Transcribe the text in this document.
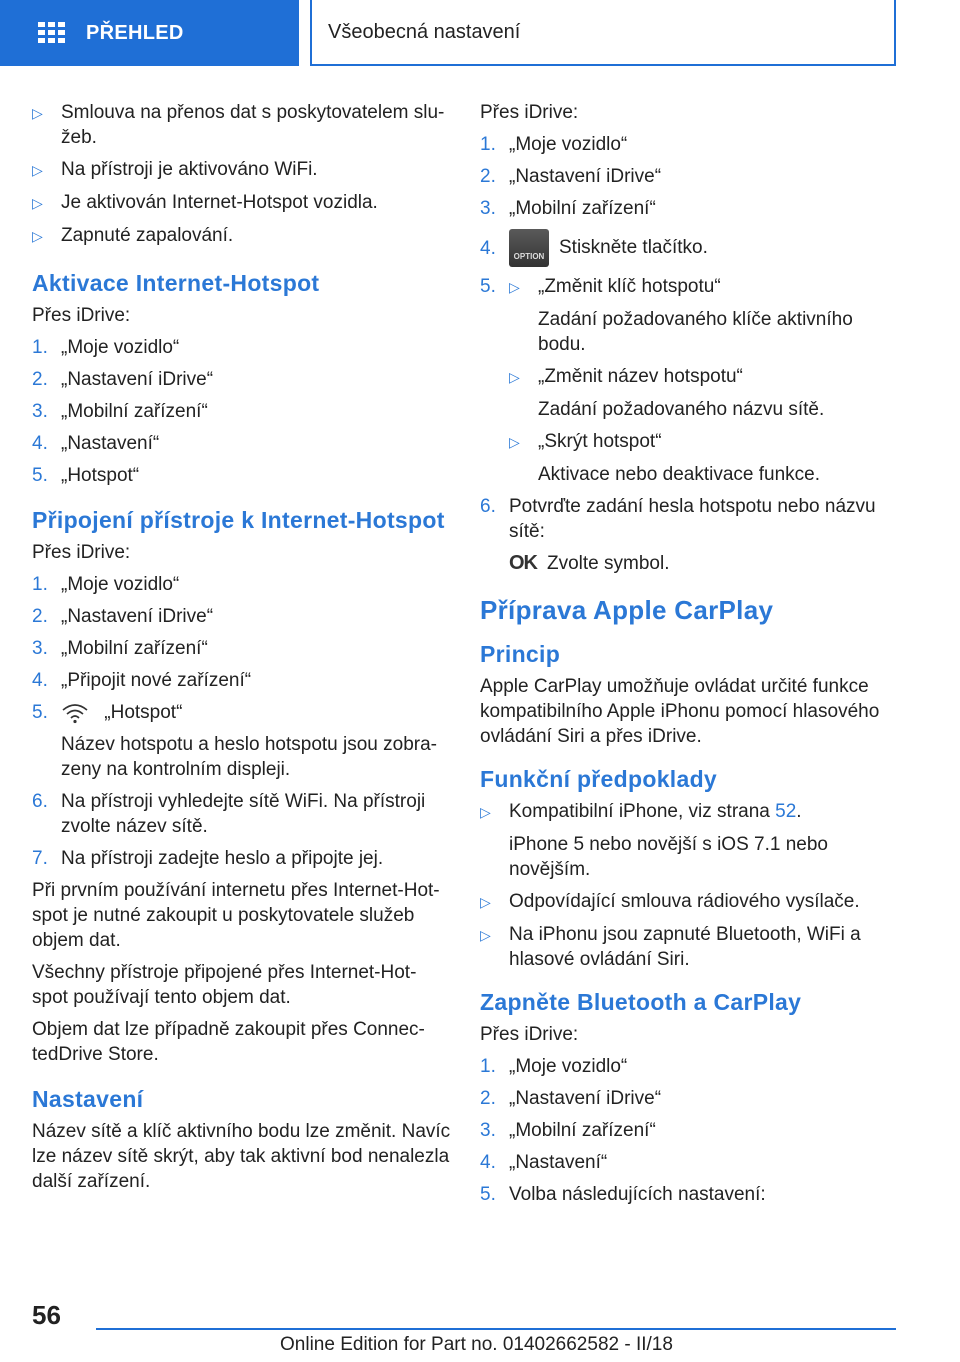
PŘEHLED	Všeobecná nastavení
▷ Smlouva na přenos dat s poskytovatelem slu‐žeb.
▷ Na přístroji je aktivováno WiFi.
▷ Je aktivován Internet-Hotspot vozidla.
▷ Zapnuté zapalování.
Aktivace Internet-Hotspot
Přes iDrive:
1. „Moje vozidlo“
2. „Nastavení iDrive“
3. „Mobilní zařízení“
4. „Nastavení“
5. „Hotspot“
Připojení přístroje k Internet-Hotspot
Přes iDrive:
1. „Moje vozidlo“
2. „Nastavení iDrive“
3. „Mobilní zařízení“
4. „Připojit nové zařízení“
5.	„Hotspot“
Název hotspotu a heslo hotspotu jsou zobra‐zeny na kontrolním displeji.
6. Na přístroji vyhledejte sítě WiFi. Na přístroji zvolte název sítě.
7. Na přístroji zadejte heslo a připojte jej.
Při prvním používání internetu přes Internet-Hot‐spot je nutné zakoupit u poskytovatele služeb objem dat.
Všechny přístroje připojené přes Internet-Hot‐spot používají tento objem dat.
Objem dat lze případně zakoupit přes Connec‐tedDrive Store.
Nastavení
Název sítě a klíč aktivního bodu lze změnit. Navíc lze název sítě skrýt, aby tak aktivní bod nenalezla další zařízení.
Přes iDrive:
1. „Moje vozidlo“
2. „Nastavení iDrive“
3. „Mobilní zařízení“
4.	OPTION Stiskněte tlačítko.
5. ▷ „Změnit klíč hotspotu“
Zadání požadovaného klíče aktivního bodu.
▷ „Změnit název hotspotu“
Zadání požadovaného názvu sítě.
▷ „Skrýt hotspot“
Aktivace nebo deaktivace funkce.
6. Potvrďte zadání hesla hotspotu nebo názvu sítě:
OK Zvolte symbol.
Příprava Apple CarPlay
Princip
Apple CarPlay umožňuje ovládat určité funkce kompatibilního Apple iPhonu pomocí hlasového ovládání Siri a přes iDrive.
Funkční předpoklady
▷ Kompatibilní iPhone, viz strana 52.
iPhone 5 nebo novější s iOS 7.1 nebo novějším.
▷ Odpovídající smlouva rádiového vysílače.
▷ Na iPhonu jsou zapnuté Bluetooth, WiFi a hlasové ovládání Siri.
Zapněte Bluetooth a CarPlay
Přes iDrive:
1. „Moje vozidlo“
2. „Nastavení iDrive“
3. „Mobilní zařízení“
4. „Nastavení“
5. Volba následujících nastavení:
56
Online Edition for Part no. 01402662582 - II/18
